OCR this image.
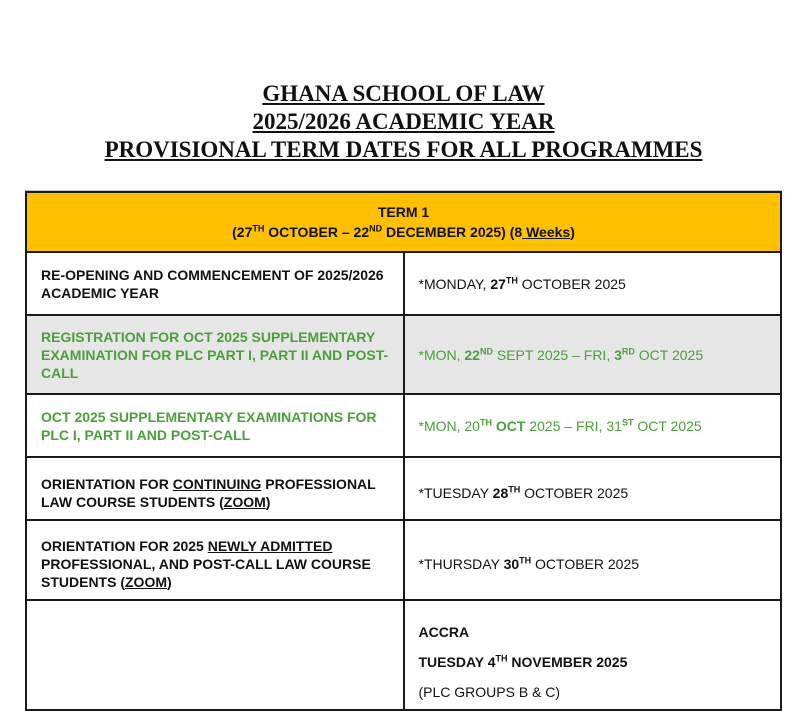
GHANA SCHOOL OF LAW
2025/2026 ACADEMIC YEAR
PROVISIONAL TERM DATES FOR ALL PROGRAMMES
TERM 1
(27TH OCTOBER – 22ND DECEMBER 2025) (8 Weeks)	

RE-OPENING AND COMMENCEMENT OF 2025/2026 ACADEMIC YEAR	*MONDAY, 27TH OCTOBER 2025
REGISTRATION FOR OCT 2025 SUPPLEMENTARY EXAMINATION FOR PLC PART I, PART II AND POST-CALL	*MON, 22ND SEPT 2025 – FRI, 3RD OCT 2025
OCT 2025 SUPPLEMENTARY EXAMINATIONS FOR PLC I, PART II AND POST-CALL	*MON, 20TH OCT 2025 – FRI, 31ST OCT 2025
ORIENTATION FOR CONTINUING PROFESSIONAL LAW COURSE STUDENTS (ZOOM)	*TUESDAY 28TH OCTOBER 2025
ORIENTATION FOR 2025 NEWLY ADMITTED PROFESSIONAL, AND POST-CALL LAW COURSE STUDENTS (ZOOM)	*THURSDAY 30TH OCTOBER 2025

	ACCRA
TUESDAY 4TH NOVEMBER 2025
(PLC GROUPS B & C)
